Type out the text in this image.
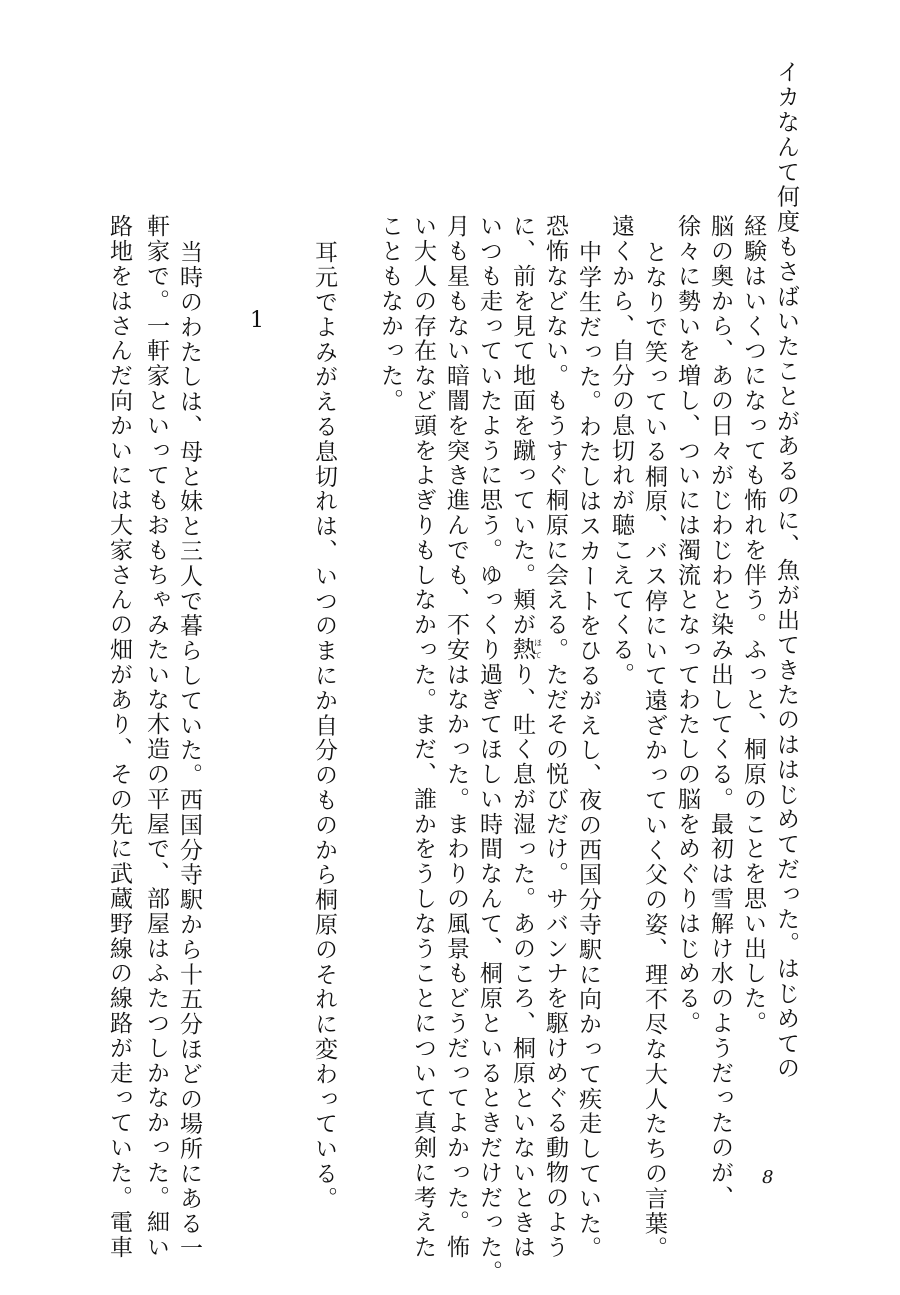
イカなんて何度もさばいたことがあるのに、魚が出てきたのははじめてだった。はじめての

経験はいくつになっても怖れを伴う。ふっと、桐原のことを思い出した。

脳の奥から、あの日々がじわじわと染み出してくる。最初は雪解け水のようだったのが、

徐々に勢いを増し、ついには濁流となってわたしの脳をめぐりはじめる。

となりで笑っている桐原、バス停にいて遠ざかっていく父の姿、理不尽な大人たちの言葉。

遠くから、自分の息切れが聴こえてくる。

中学生だった。わたしはスカートをひるがえし、夜の西国分寺駅に向かって疾走していた。

恐怖などない。もうすぐ桐原に会える。ただその悦びだけ。サバンナを駆けめぐる動物のよう

に、前を見て地面を蹴っていた。頬が熱ほてり、吐く息が湿った。あのころ、桐原といないときは

いつも走っていたように思う。ゆっくり過ぎてほしい時間なんて、桐原といるときだけだった。

月も星もない暗闇を突き進んでも、不安はなかった。まわりの風景もどうだってよかった。怖

い大人の存在など頭をよぎりもしなかった。まだ、誰かをうしなうことについて真剣に考えた

こともなかった。

耳元でよみがえる息切れは、いつのまにか自分のものから桐原のそれに変わっている。

1

当時のわたしは、母と妹と三人で暮らしていた。西国分寺駅から十五分ほどの場所にある一

軒家で。一軒家といってもおもちゃみたいな木造の平屋で、部屋はふたつしかなかった。細い

路地をはさんだ向かいには大家さんの畑があり、その先に武蔵野線の線路が走っていた。電車	8
